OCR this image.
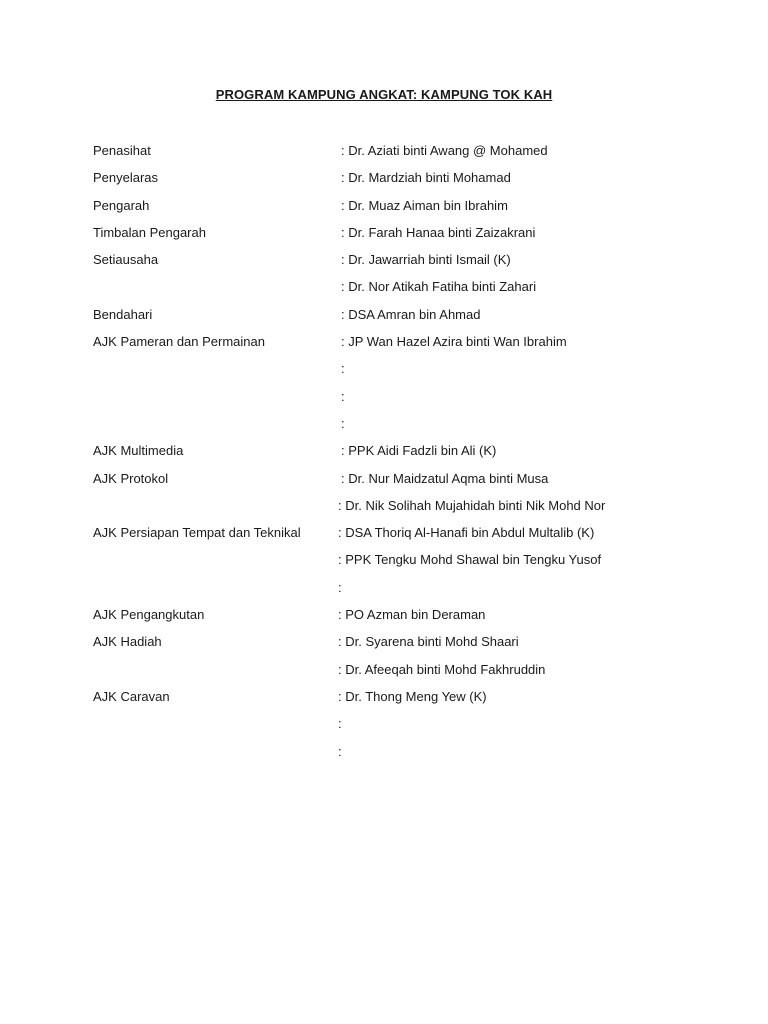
PROGRAM KAMPUNG ANGKAT: KAMPUNG TOK KAH
Penasihat	: Dr. Aziati binti Awang @ Mohamed
Penyelaras	: Dr. Mardziah binti Mohamad
Pengarah	: Dr. Muaz Aiman bin Ibrahim
Timbalan Pengarah	: Dr. Farah Hanaa binti Zaizakrani
Setiausaha	: Dr. Jawarriah binti Ismail (K)
: Dr. Nor Atikah Fatiha binti Zahari
Bendahari	: DSA Amran bin Ahmad
AJK Pameran dan Permainan	: JP Wan Hazel Azira binti Wan Ibrahim
:
:
:
AJK Multimedia	: PPK Aidi Fadzli bin Ali (K)
AJK Protokol	: Dr. Nur Maidzatul Aqma binti Musa
: Dr. Nik Solihah Mujahidah binti Nik Mohd Nor
AJK Persiapan Tempat dan Teknikal	: DSA Thoriq Al-Hanafi bin Abdul Multalib (K)
: PPK Tengku Mohd Shawal bin Tengku Yusof
:
AJK Pengangkutan	: PO Azman bin Deraman
AJK Hadiah	: Dr. Syarena binti Mohd Shaari
: Dr. Afeeqah binti Mohd Fakhruddin
AJK Caravan	: Dr. Thong Meng Yew (K)
:
:
